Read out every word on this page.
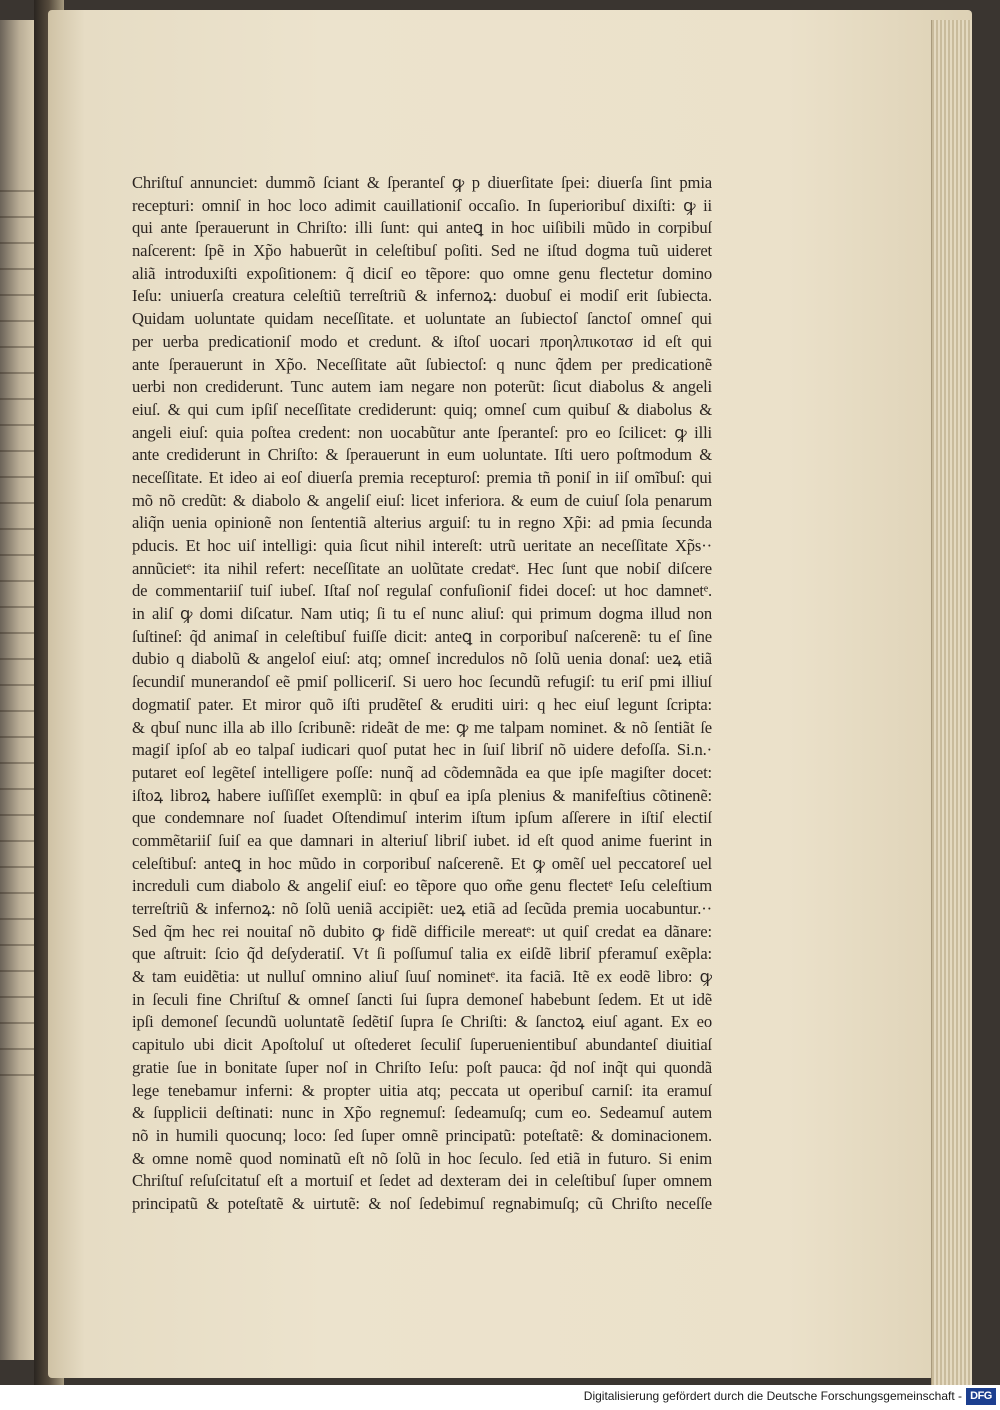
Chriſtuſ annunciet: dummõ ſciant & ſperanteſ ꝙ p diuerſitate ſpei: diuerſa ſint pmia
recepturi: omniſ in hoc loco adimit cauillationiſ occaſio. In ſuperioribuſ dixiſti: ꝙ ii
qui ante ſperauerunt in Chriſto: illi ſunt: qui anteꝗ in hoc uiſibili mũdo in corpibuſ
naſcerent: ſpẽ in Xp̃o habuerũt in celeſtibuſ poſiti. Sed ne iſtud dogma tuũ uideret
aliã introduxiſti expoſitionem: q̃ diciſ eo tẽpore: quo omne genu flectetur domino
Ieſu: uniuerſa creatura celeſtiũ terreſtriũ & infernoꝝ: duobuſ ei modiſ erit ſubiecta.
Quidam uoluntate quidam neceſſitate. et uoluntate an ſubiectoſ ſanctoſ omneſ qui
per uerba predicationiſ modo et credunt. & iſtoſ uocari προηλπικοτασ id eſt qui
ante ſperauerunt in Xp̃o. Neceſſitate aũt ſubiectoſ: q nunc q̃dem per predicationẽ
uerbi non crediderunt. Tunc autem iam negare non poterũt: ſicut diabolus & angeli
eiuſ. & qui cum ipſiſ neceſſitate crediderunt: quiq; omneſ cum quibuſ & diabolus &
angeli eiuſ: quia poſtea credent: non uocabũtur ante ſperanteſ: pro eo ſcilicet: ꝙ illi
ante crediderunt in Chriſto: & ſperauerunt in eum uoluntate. Iſti uero poſtmodum &
neceſſitate. Et ideo ai eoſ diuerſa premia recepturoſ: premia tñ poniſ in iiſ omĩbuſ: qui
mõ nõ credũt: & diabolo & angeliſ eiuſ: licet inferiora. & eum de cuiuſ ſola penarum
aliq̃n uenia opinionẽ non ſententiã alterius arguiſ: tu in regno Xp̃i: ad pmia ſecunda
pducis. Et hoc uiſ intelligi: quia ſicut nihil intereſt: utrũ ueritate an neceſſitate Xp̃s··
annũcietᵉ: ita nihil refert: neceſſitate an uolũtate credatᵉ. Hec ſunt que nobiſ diſcere
de commentariiſ tuiſ iubeſ. Iſtaſ noſ regulaſ confuſioniſ fidei doceſ: ut hoc damnetᵉ.
in aliſ ꝙ domi diſcatur. Nam utiq; ſi tu eſ nunc aliuſ: qui primum dogma illud non
ſuſtineſ: q̃d animaſ in celeſtibuſ fuiſſe dicit: anteꝗ in corporibuſ naſcerenẽ: tu eſ ſine
dubio q diabolũ & angeloſ eiuſ: atq; omneſ incredulos nõ ſolũ uenia donaſ: ueꝝ etiã
ſecundiſ munerandoſ eẽ pmiſ polliceriſ. Si uero hoc ſecundũ refugiſ: tu eriſ pmi illiuſ
dogmatiſ pater. Et miror quõ iſti prudẽteſ & eruditi uiri: q hec eiuſ legunt ſcripta:
& qbuſ nunc illa ab illo ſcribunẽ: rideãt de me: ꝙ me talpam nominet. & nõ ſentiãt ſe
magiſ ipſoſ ab eo talpaſ iudicari quoſ putat hec in ſuiſ libriſ nõ uidere defoſſa. Si.n.·
putaret eoſ legẽteſ intelligere poſſe: nunq̃ ad cõdemnãda ea que ipſe magiſter docet:
iſtoꝝ libroꝝ habere iuſſiſſet exemplũ: in qbuſ ea ipſa plenius & manifeſtius cõtinenẽ:
que condemnare noſ ſuadet Oſtendimuſ interim iſtum ipſum aſſerere in iſtiſ electiſ
commẽtariiſ ſuiſ ea que damnari in alteriuſ libriſ iubet. id eſt quod anime fuerint in
celeſtibuſ: anteꝗ in hoc mũdo in corporibuſ naſcerenẽ. Et ꝙ omẽſ uel peccatoreſ uel
increduli cum diabolo & angeliſ eiuſ: eo tẽpore quo om̃e genu flectetᵉ Ieſu celeſtium
terreſtriũ & infernoꝝ: nõ ſolũ ueniã accipiẽt: ueꝝ etiã ad ſecũda premia uocabuntur.··
Sed q̃m hec rei nouitaſ nõ dubito ꝙ fidẽ difficile mereatᵉ: ut quiſ credat ea dãnare:
que aſtruit: ſcio q̃d deſyderatiſ. Vt ſi poſſumuſ talia ex eiſdẽ libriſ pferamuſ exẽpla:
& tam euidẽtia: ut nulluſ omnino aliuſ ſuuſ nominetᵉ. ita faciã. Itẽ ex eodẽ libro: ꝙ
in ſeculi fine Chriſtuſ & omneſ ſancti ſui ſupra demoneſ habebunt ſedem. Et ut idẽ
ipſi demoneſ ſecundũ uoluntatẽ ſedẽtiſ ſupra ſe Chriſti: & ſanctoꝝ eiuſ agant. Ex eo
capitulo ubi dicit Apoſtoluſ ut oſtederet ſeculiſ ſuperuenientibuſ abundanteſ diuitiaſ
gratie ſue in bonitate ſuper noſ in Chriſto Ieſu: poſt pauca: q̃d noſ inq̃t qui quondã
lege tenebamur inferni: & propter uitia atq; peccata ut operibuſ carniſ: ita eramuſ
& ſupplicii deſtinati: nunc in Xp̃o regnemuſ: ſedeamuſq; cum eo. Sedeamuſ autem
nõ in humili quocunq; loco: ſed ſuper omnẽ principatũ: poteſtatẽ: & dominacionem.
& omne nomẽ quod nominatũ eſt nõ ſolũ in hoc ſeculo. ſed etiã in futuro. Si enim
Chriſtuſ reſuſcitatuſ eſt a mortuiſ et ſedet ad dexteram dei in celeſtibuſ ſuper omnem
principatũ & poteſtatẽ & uirtutẽ: & noſ ſedebimuſ regnabimuſq; cũ Chriſto neceſſe
Digitalisierung gefördert durch die Deutsche Forschungsgemeinschaft - DFG
